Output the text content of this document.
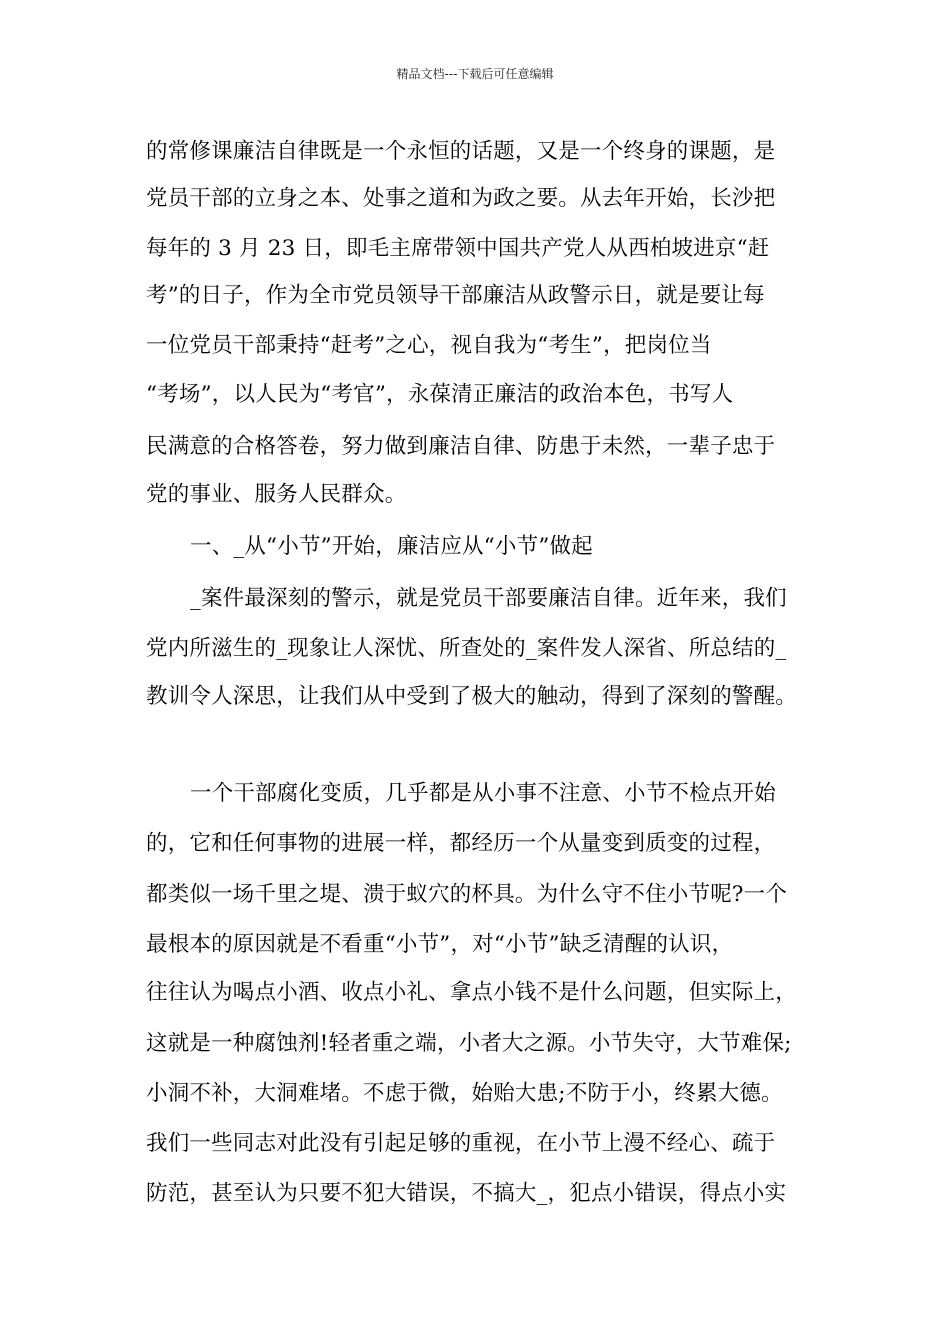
精品文档---下载后可任意编辑
的常修课廉洁自律既是一个永恒的话题，又是一个终身的课题，是
党员干部的立身之本、处事之道和为政之要。从去年开始，长沙把
每年的 3 月 23 日，即毛主席带领中国共产党人从西柏坡进京“赶
考”的日子，作为全市党员领导干部廉洁从政警示日，就是要让每
一位党员干部秉持“赶考”之心，视自我为“考生”，把岗位当
“考场”，以人民为“考官”，永葆清正廉洁的政治本色，书写人
民满意的合格答卷，努力做到廉洁自律、防患于未然，一辈子忠于
党的事业、服务人民群众。
一、_从“小节”开始，廉洁应从“小节”做起
_案件最深刻的警示，就是党员干部要廉洁自律。近年来，我们
党内所滋生的_现象让人深忧、所查处的_案件发人深省、所总结的_
教训令人深思，让我们从中受到了极大的触动，得到了深刻的警醒。
一个干部腐化变质，几乎都是从小事不注意、小节不检点开始
的，它和任何事物的进展一样，都经历一个从量变到质变的过程，
都类似一场千里之堤、溃于蚁穴的杯具。为什么守不住小节呢?一个
最根本的原因就是不看重“小节”，对“小节”缺乏清醒的认识，
往往认为喝点小酒、收点小礼、拿点小钱不是什么问题，但实际上，
这就是一种腐蚀剂!轻者重之端，小者大之源。小节失守，大节难保;
小洞不补，大洞难堵。不虑于微，始贻大患;不防于小，终累大德。
我们一些同志对此没有引起足够的重视，在小节上漫不经心、疏于
防范，甚至认为只要不犯大错误，不搞大_，犯点小错误，得点小实
